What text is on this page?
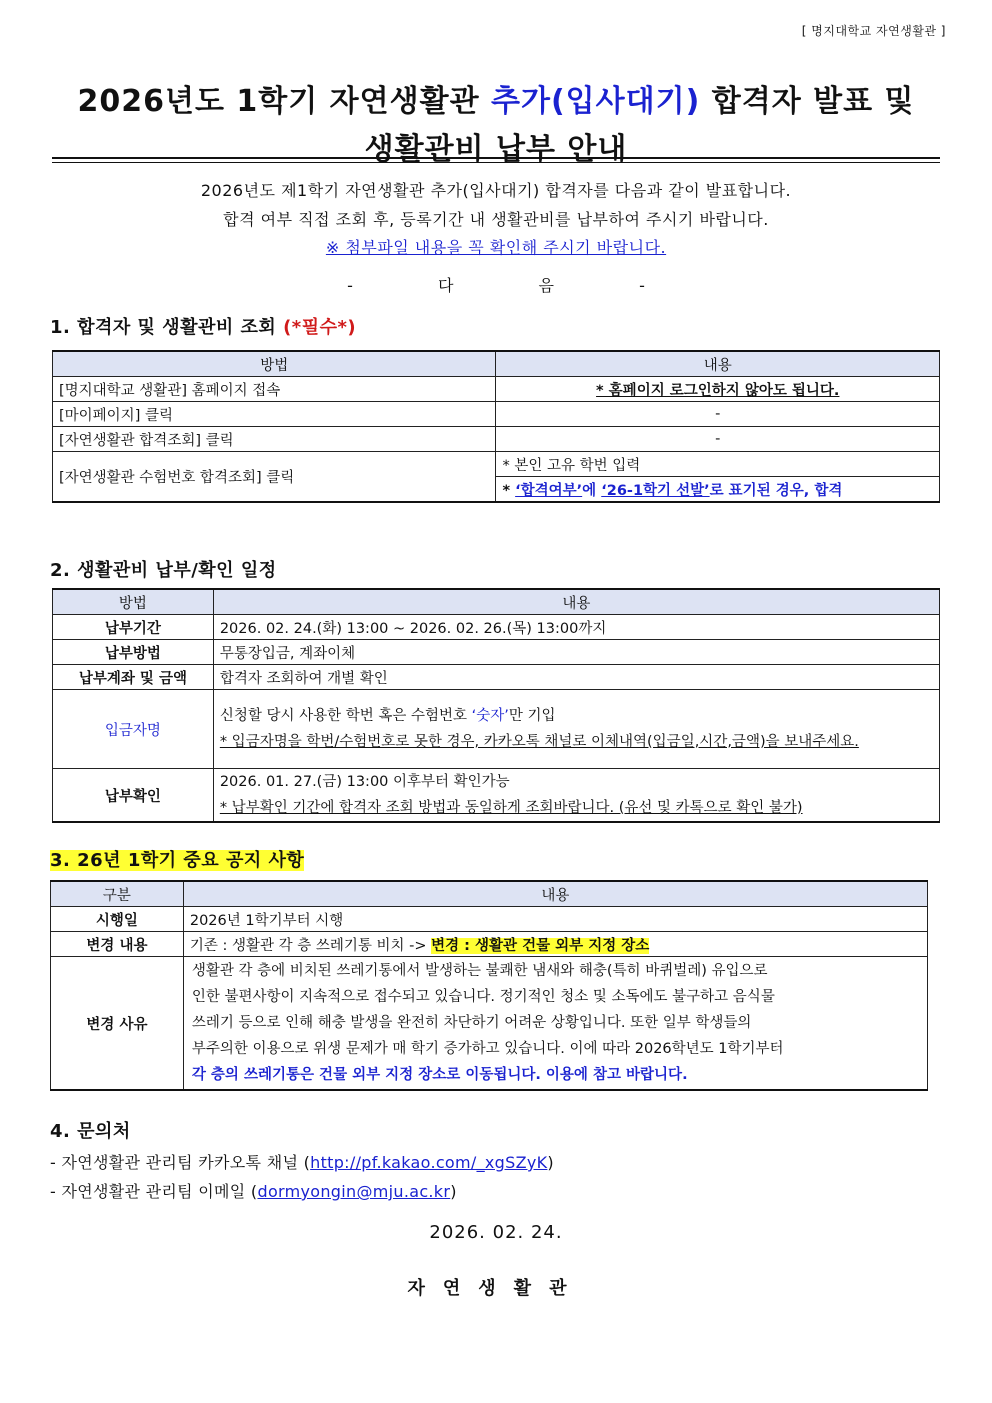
[ 명지대학교 자연생활관 ]
2026년도 1학기 자연생활관 추가(입사대기) 합격자 발표 및
생활관비 납부 안내
2026년도 제1학기 자연생활관 추가(입사대기) 합격자를 다음과 같이 발표합니다.
합격 여부 직접 조회 후, 등록기간 내 생활관비를 납부하여 주시기 바랍니다.
※ 첨부파일 내용을 꼭 확인해 주시기 바랍니다.
- 다 음 -
1. 합격자 및 생활관비 조회 (*필수*)
방법	내용
[명지대학교 생활관] 홈페이지 접속	* 홈페이지 로그인하지 않아도 됩니다.
[마이페이지] 클릭	-
[자연생활관 합격조회] 클릭	-
[자연생활관 수험번호 합격조회] 클릭	* 본인 고유 학번 입력
	* ‘합격여부’에 ‘26-1학기 선발’로 표기된 경우, 합격
2. 생활관비 납부/확인 일정
방법	내용
납부기간	2026. 02. 24.(화) 13:00 ~ 2026. 02. 26.(목) 13:00까지
납부방법	무통장입금, 계좌이체
납부계좌 및 금액	합격자 조회하여 개별 확인
입금자명	신청할 당시 사용한 학번 혹은 수험번호 ‘숫자’만 기입
* 입금자명을 학번/수험번호로 못한 경우, 카카오톡 채널로 이체내역(입금일,시간,금액)을 보내주세요.

납부확인	2026. 01. 27.(금) 13:00 이후부터 확인가능
* 납부확인 기간에 합격자 조회 방법과 동일하게 조회바랍니다. (유선 및 카톡으로 확인 불가)
3. 26년 1학기 중요 공지 사항
구분	내용
시행일	2026년 1학기부터 시행
변경 내용	기존 : 생활관 각 층 쓰레기통 비치 -> 변경 : 생활관 건물 외부 지정 장소
변경 사유	생활관 각 층에 비치된 쓰레기통에서 발생하는 불쾌한 냄새와 해충(특히 바퀴벌레) 유입으로
인한 불편사항이 지속적으로 접수되고 있습니다. 정기적인 청소 및 소독에도 불구하고 음식물
쓰레기 등으로 인해 해충 발생을 완전히 차단하기 어려운 상황입니다. 또한 일부 학생들의
부주의한 이용으로 위생 문제가 매 학기 증가하고 있습니다. 이에 따라 2026학년도 1학기부터
각 층의 쓰레기통은 건물 외부 지정 장소로 이동됩니다. 이용에 참고 바랍니다.
4. 문의처
- 자연생활관 관리팀 카카오톡 채널 (http://pf.kakao.com/_xgSZyK)
- 자연생활관 관리팀 이메일 (dormyongin@mju.ac.kr)
2026. 02. 24.
자연생활관
